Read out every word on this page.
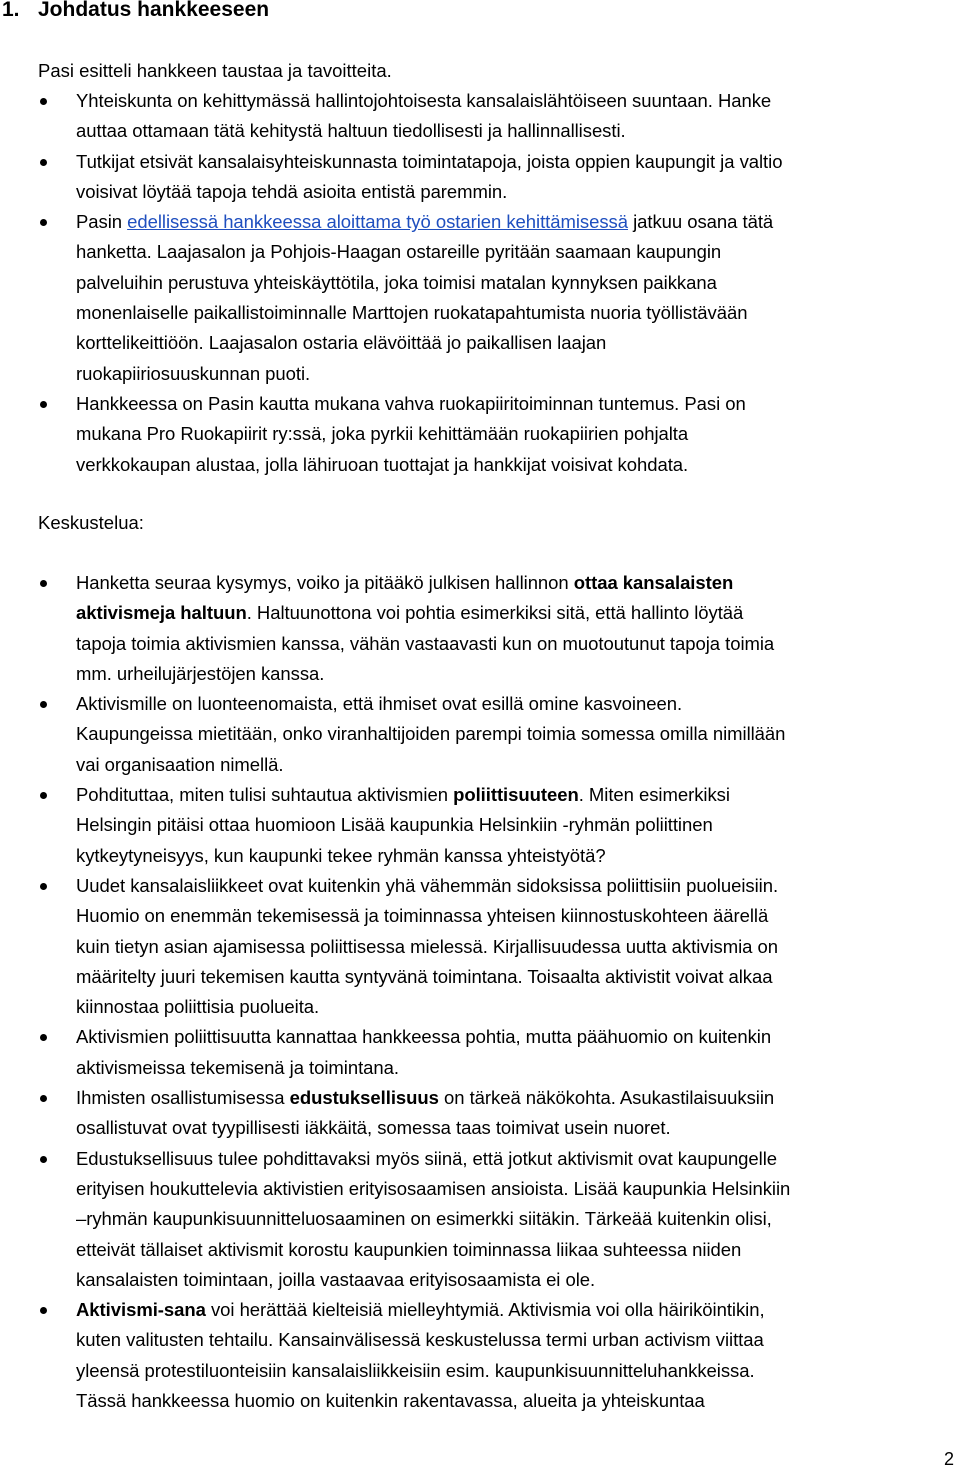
1. Johdatus hankkeeseen
Pasi esitteli hankkeen taustaa ja tavoitteita.
Yhteiskunta on kehittymässä hallintojohtoisesta kansalaislähtöiseen suuntaan. Hanke
auttaa ottamaan tätä kehitystä haltuun tiedollisesti ja hallinnallisesti.
Tutkijat etsivät kansalaisyhteiskunnasta toimintatapoja, joista oppien kaupungit ja valtio
voisivat löytää tapoja tehdä asioita entistä paremmin.
Pasin edellisessä hankkeessa aloittama työ ostarien kehittämisessä jatkuu osana tätä
hanketta. Laajasalon ja Pohjois-Haagan ostareille pyritään saamaan kaupungin
palveluihin perustuva yhteiskäyttötila, joka toimisi matalan kynnyksen paikkana
monenlaiselle paikallistoiminnalle Marttojen ruokatapahtumista nuoria työllistävään
korttelikeittiöön. Laajasalon ostaria elävöittää jo paikallisen laajan
ruokapiiriosuuskunnan puoti.
Hankkeessa on Pasin kautta mukana vahva ruokapiiritoiminnan tuntemus. Pasi on
mukana Pro Ruokapiirit ry:ssä, joka pyrkii kehittämään ruokapiirien pohjalta
verkkokaupan alustaa, jolla lähiruoan tuottajat ja hankkijat voisivat kohdata.
Keskustelua:
Hanketta seuraa kysymys, voiko ja pitääkö julkisen hallinnon ottaa kansalaisten
aktivismeja haltuun. Haltuunottona voi pohtia esimerkiksi sitä, että hallinto löytää
tapoja toimia aktivismien kanssa, vähän vastaavasti kun on muotoutunut tapoja toimia
mm. urheilujärjestöjen kanssa.
Aktivismille on luonteenomaista, että ihmiset ovat esillä omine kasvoineen.
Kaupungeissa mietitään, onko viranhaltijoiden parempi toimia somessa omilla nimillään
vai organisaation nimellä.
Pohdituttaa, miten tulisi suhtautua aktivismien poliittisuuteen. Miten esimerkiksi
Helsingin pitäisi ottaa huomioon Lisää kaupunkia Helsinkiin -ryhmän poliittinen
kytkeytyneisyys, kun kaupunki tekee ryhmän kanssa yhteistyötä?
Uudet kansalaisliikkeet ovat kuitenkin yhä vähemmän sidoksissa poliittisiin puolueisiin.
Huomio on enemmän tekemisessä ja toiminnassa yhteisen kiinnostuskohteen äärellä
kuin tietyn asian ajamisessa poliittisessa mielessä. Kirjallisuudessa uutta aktivismia on
määritelty juuri tekemisen kautta syntyvänä toimintana. Toisaalta aktivistit voivat alkaa
kiinnostaa poliittisia puolueita.
Aktivismien poliittisuutta kannattaa hankkeessa pohtia, mutta päähuomio on kuitenkin
aktivismeissa tekemisenä ja toimintana.
Ihmisten osallistumisessa edustuksellisuus on tärkeä näkökohta. Asukastilaisuuksiin
osallistuvat ovat tyypillisesti iäkkäitä, somessa taas toimivat usein nuoret.
Edustuksellisuus tulee pohdittavaksi myös siinä, että jotkut aktivismit ovat kaupungelle
erityisen houkuttelevia aktivistien erityisosaamisen ansioista. Lisää kaupunkia Helsinkiin
–ryhmän kaupunkisuunnitteluosaaminen on esimerkki siitäkin. Tärkeää kuitenkin olisi,
etteivät tällaiset aktivismit korostu kaupunkien toiminnassa liikaa suhteessa niiden
kansalaisten toimintaan, joilla vastaavaa erityisosaamista ei ole.
Aktivismi-sana voi herättää kielteisiä mielleyhtymiä. Aktivismia voi olla häiriköintikin,
kuten valitusten tehtailu. Kansainvälisessä keskustelussa termi urban activism viittaa
yleensä protestiluonteisiin kansalaisliikkeisiin esim. kaupunkisuunnitteluhankkeissa.
Tässä hankkeessa huomio on kuitenkin rakentavassa, alueita ja yhteiskuntaa
2
